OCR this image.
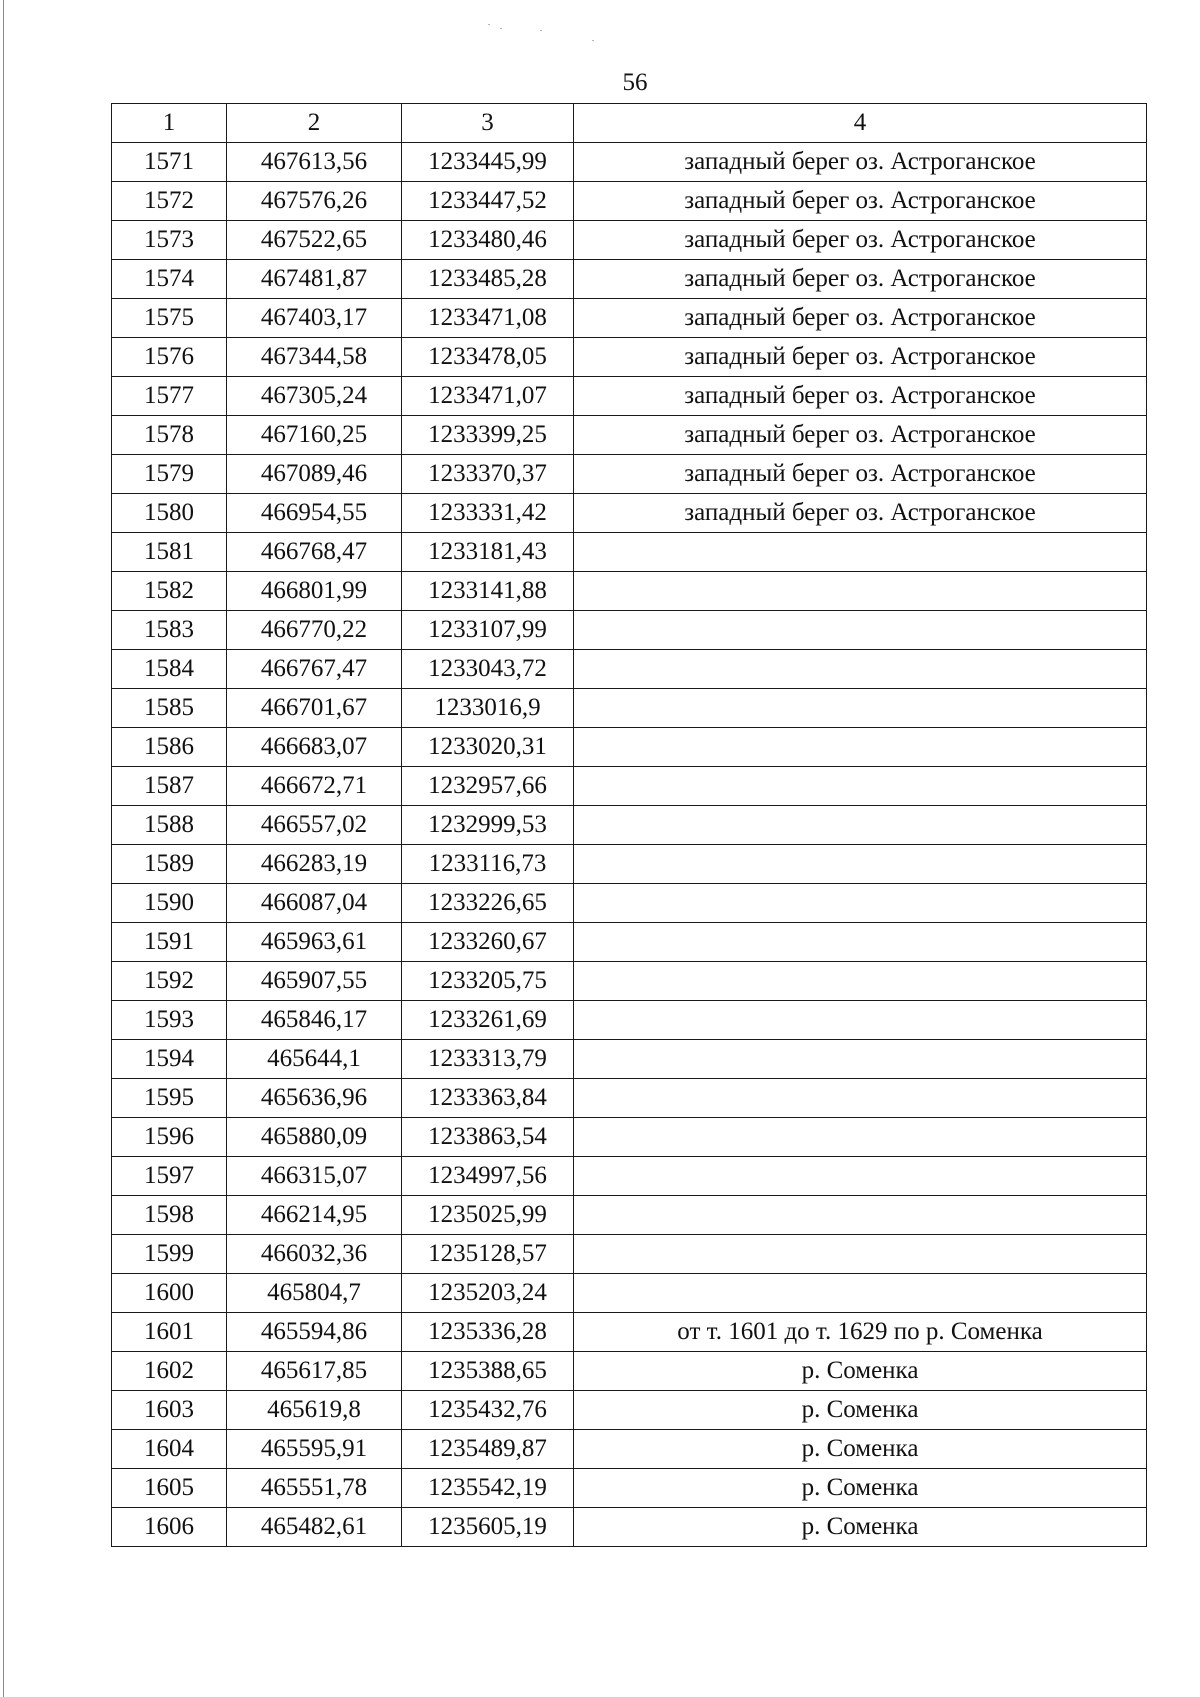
56
1	2	3	4
1571	467613,56	1233445,99	западный берег оз. Астроганское
1572	467576,26	1233447,52	западный берег оз. Астроганское
1573	467522,65	1233480,46	западный берег оз. Астроганское
1574	467481,87	1233485,28	западный берег оз. Астроганское
1575	467403,17	1233471,08	западный берег оз. Астроганское
1576	467344,58	1233478,05	западный берег оз. Астроганское
1577	467305,24	1233471,07	западный берег оз. Астроганское
1578	467160,25	1233399,25	западный берег оз. Астроганское
1579	467089,46	1233370,37	западный берег оз. Астроганское
1580	466954,55	1233331,42	западный берег оз. Астроганское
1581	466768,47	1233181,43	
1582	466801,99	1233141,88	
1583	466770,22	1233107,99	
1584	466767,47	1233043,72	
1585	466701,67	1233016,9	
1586	466683,07	1233020,31	
1587	466672,71	1232957,66	
1588	466557,02	1232999,53	
1589	466283,19	1233116,73	
1590	466087,04	1233226,65	
1591	465963,61	1233260,67	
1592	465907,55	1233205,75	
1593	465846,17	1233261,69	
1594	465644,1	1233313,79	
1595	465636,96	1233363,84	
1596	465880,09	1233863,54	
1597	466315,07	1234997,56	
1598	466214,95	1235025,99	
1599	466032,36	1235128,57	
1600	465804,7	1235203,24	
1601	465594,86	1235336,28	от т. 1601 до т. 1629 по р. Соменка
1602	465617,85	1235388,65	р. Соменка
1603	465619,8	1235432,76	р. Соменка
1604	465595,91	1235489,87	р. Соменка
1605	465551,78	1235542,19	р. Соменка
1606	465482,61	1235605,19	р. Соменка
